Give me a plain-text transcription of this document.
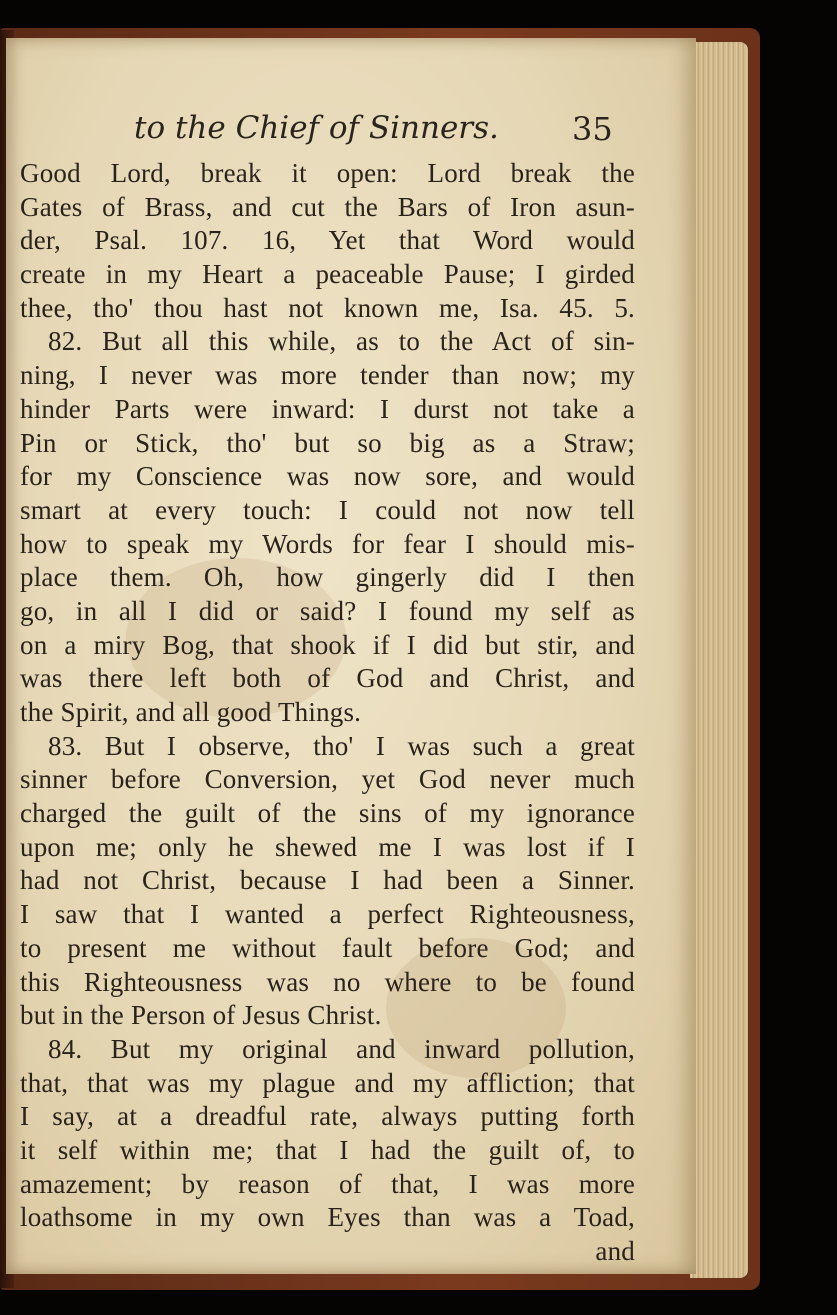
to the Chief of Sinners. 35
Good Lord, break it open: Lord break the
Gates of Brass, and cut the Bars of Iron asun-
der, Psal. 107. 16, Yet that Word would
create in my Heart a peaceable Pause; I girded
thee, tho' thou hast not known me, Isa. 45. 5.
82. But all this while, as to the Act of sin-
ning, I never was more tender than now; my
hinder Parts were inward: I durst not take a
Pin or Stick, tho' but so big as a Straw;
for my Conscience was now sore, and would
smart at every touch: I could not now tell
how to speak my Words for fear I should mis-
place them. Oh, how gingerly did I then
go, in all I did or said? I found my self as
on a miry Bog, that shook if I did but stir, and
was there left both of God and Christ, and
the Spirit, and all good Things.
83. But I observe, tho' I was such a great
sinner before Conversion, yet God never much
charged the guilt of the sins of my ignorance
upon me; only he shewed me I was lost if I
had not Christ, because I had been a Sinner.
I saw that I wanted a perfect Righteousness,
to present me without fault before God; and
this Righteousness was no where to be found
but in the Person of Jesus Christ.
84. But my original and inward pollution,
that, that was my plague and my affliction; that
I say, at a dreadful rate, always putting forth
it self within me; that I had the guilt of, to
amazement; by reason of that, I was more
loathsome in my own Eyes than was a Toad,
and
